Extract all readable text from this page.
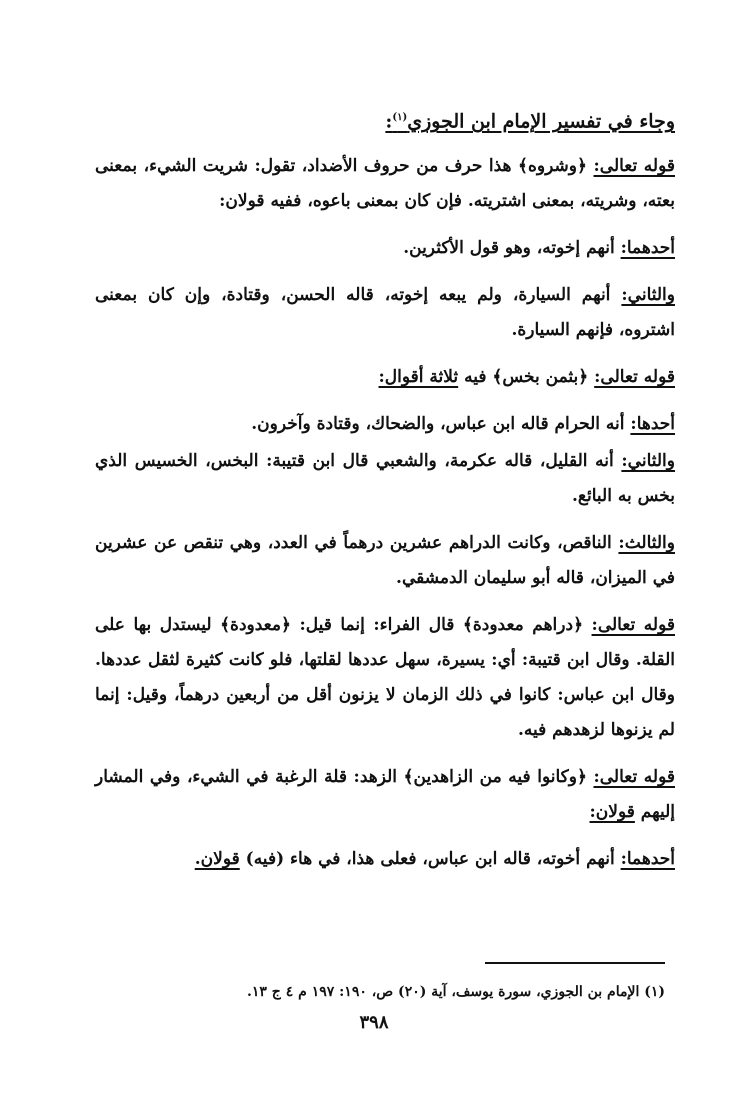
وجاء في تفسير الإمام ابن الجوزي$^{(١)}$:
قوله تعالى: ﴿وشروه﴾ هذا حرف من حروف الأضداد، تقول: شريت الشيء، بمعنى بعته، وشريته، بمعنى اشتريته. فإن كان بمعنى باعوه، ففيه قولان:
أحدهما: أنهم إخوته، وهو قول الأكثرين.
والثاني: أنهم السيارة، ولم يبعه إخوته، قاله الحسن، وقتادة، وإن كان بمعنى اشتروه، فإنهم السيارة.
قوله تعالى: ﴿بثمن بخس﴾ فيه ثلاثة أقوال:
أحدها: أنه الحرام قاله ابن عباس، والضحاك، وقتادة وآخرون.
والثاني: أنه القليل، قاله عكرمة، والشعبي قال ابن قتيبة: البخس، الخسيس الذي بخس به البائع.
والثالث: الناقص، وكانت الدراهم عشرين درهماً في العدد، وهي تنقص عن عشرين في الميزان، قاله أبو سليمان الدمشقي.
قوله تعالى: ﴿دراهم معدودة﴾ قال الفراء: إنما قيل: ﴿معدودة﴾ ليستدل بها على القلة. وقال ابن قتيبة: أي: يسيرة، سهل عددها لقلتها، فلو كانت كثيرة لثقل عددها. وقال ابن عباس: كانوا في ذلك الزمان لا يزنون أقل من أربعين درهماً، وقيل: إنما لم يزنوها لزهدهم فيه.
قوله تعالى: ﴿وكانوا فيه من الزاهدين﴾ الزهد: قلة الرغبة في الشيء، وفي المشار إليهم قولان:
أحدهما: أنهم أخوته، قاله ابن عباس، فعلى هذا، في هاء (فيه) قولان.
(١) الإمام بن الجوزي، سورة يوسف، آية (٢٠) ص، ١٩٠: ١٩٧ م ٤ ج ١٣.
٣٩٨
